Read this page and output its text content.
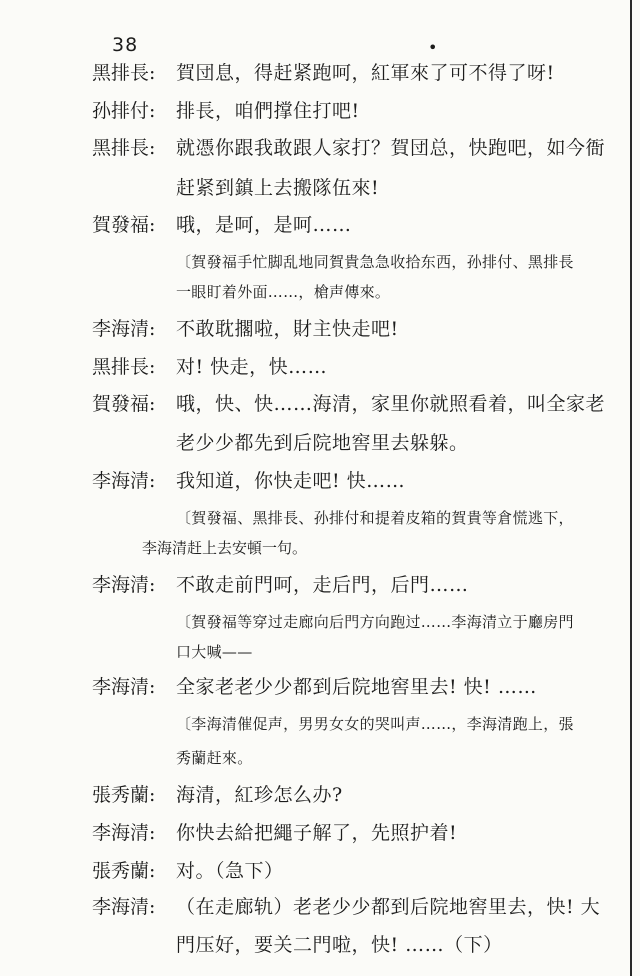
38	•
黑排長: 賀団息，得赶紧跑呵，紅軍來了可不得了呀!
孙排付: 排長，咱們撑住打吧!
黑排長: 就憑你跟我敢跟人家打？賀団总，快跑吧，如今衙
赶紧到鎮上去搬隊伍來!
賀發福: 哦，是呵，是呵……
〔賀發福手忙脚乱地同賀貴急急收拾东西，孙排付、黑排長
一眼盯着外面……，槍声傳來。
李海清: 不敢耽擱啦，財主快走吧!
黑排長: 对! 快走，快……
賀發福: 哦，快、快……海清，家里你就照看着，叫全家老
老少少都先到后院地窖里去躲躲。
李海清: 我知道，你快走吧! 快……
〔賀發福、黑排長、孙排付和提着皮箱的賀貴等倉慌逃下，
李海清赶上去安頓一句。
李海清: 不敢走前門呵，走后門，后門……
〔賀發福等穿过走廊向后門方向跑过……李海清立于廳房門
口大喊——
李海清: 全家老老少少都到后院地窖里去! 快! ……
〔李海清催促声，男男女女的哭叫声……，李海清跑上，張
秀蘭赶來。
張秀蘭: 海清，紅珍怎么办?
李海清: 你快去給把繩子解了，先照护着!
張秀蘭: 对。（急下）
李海清: （在走廊轨）老老少少都到后院地窖里去，快! 大
門压好，要关二門啦，快! ……（下）
